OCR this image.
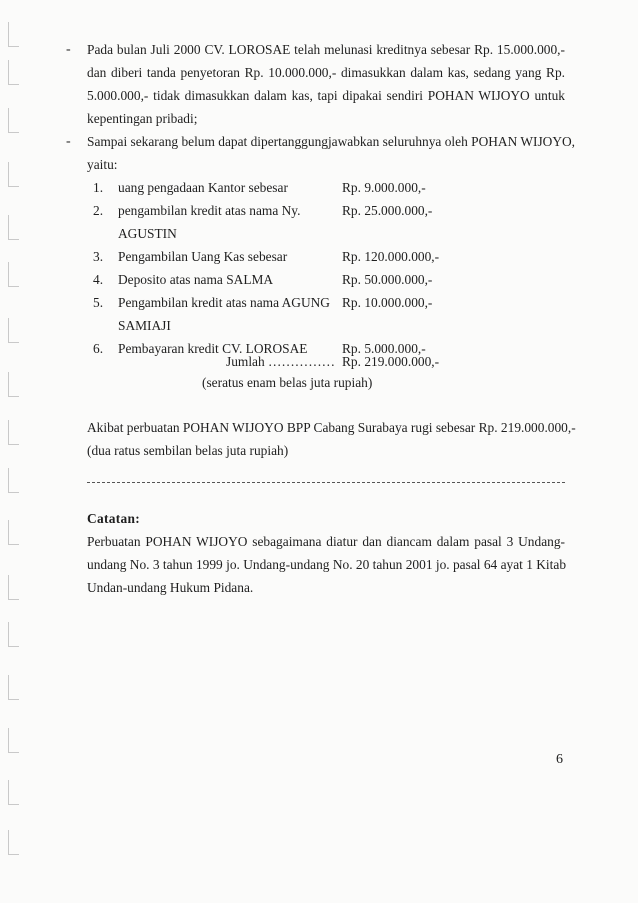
- Pada bulan Juli 2000 CV. LOROSAE telah melunasi kreditnya sebesar Rp. 15.000.000,-
dan diberi tanda penyetoran Rp. 10.000.000,- dimasukkan dalam kas, sedang yang Rp.
5.000.000,- tidak dimasukkan dalam kas, tapi dipakai sendiri POHAN WIJOYO untuk
kepentingan pribadi;
- Sampai sekarang belum dapat dipertanggungjawabkan seluruhnya oleh POHAN WIJOYO,
yaitu:
1. uang pengadaan Kantor sebesar	Rp. 9.000.000,-
2. pengambilan kredit atas nama Ny.	Rp. 25.000.000,-
AGUSTIN
3. Pengambilan Uang Kas sebesar	Rp. 120.000.000,-
4. Deposito atas nama SALMA	Rp. 50.000.000,-
5. Pengambilan kredit atas nama AGUNG Rp. 10.000.000,-
SAMIAJI
6. Pembayaran kredit CV. LOROSAE	Rp. 5.000.000,-
Jumlah …………… Rp. 219.000.000,-
(seratus enam belas juta rupiah)
Akibat perbuatan POHAN WIJOYO BPP Cabang Surabaya rugi sebesar Rp. 219.000.000,-
(dua ratus sembilan belas juta rupiah)
Catatan:
Perbuatan POHAN WIJOYO sebagaimana diatur dan diancam dalam pasal 3 Undang-
undang No. 3 tahun 1999 jo. Undang-undang No. 20 tahun 2001 jo. pasal 64 ayat 1 Kitab
Undan-undang Hukum Pidana.
6
